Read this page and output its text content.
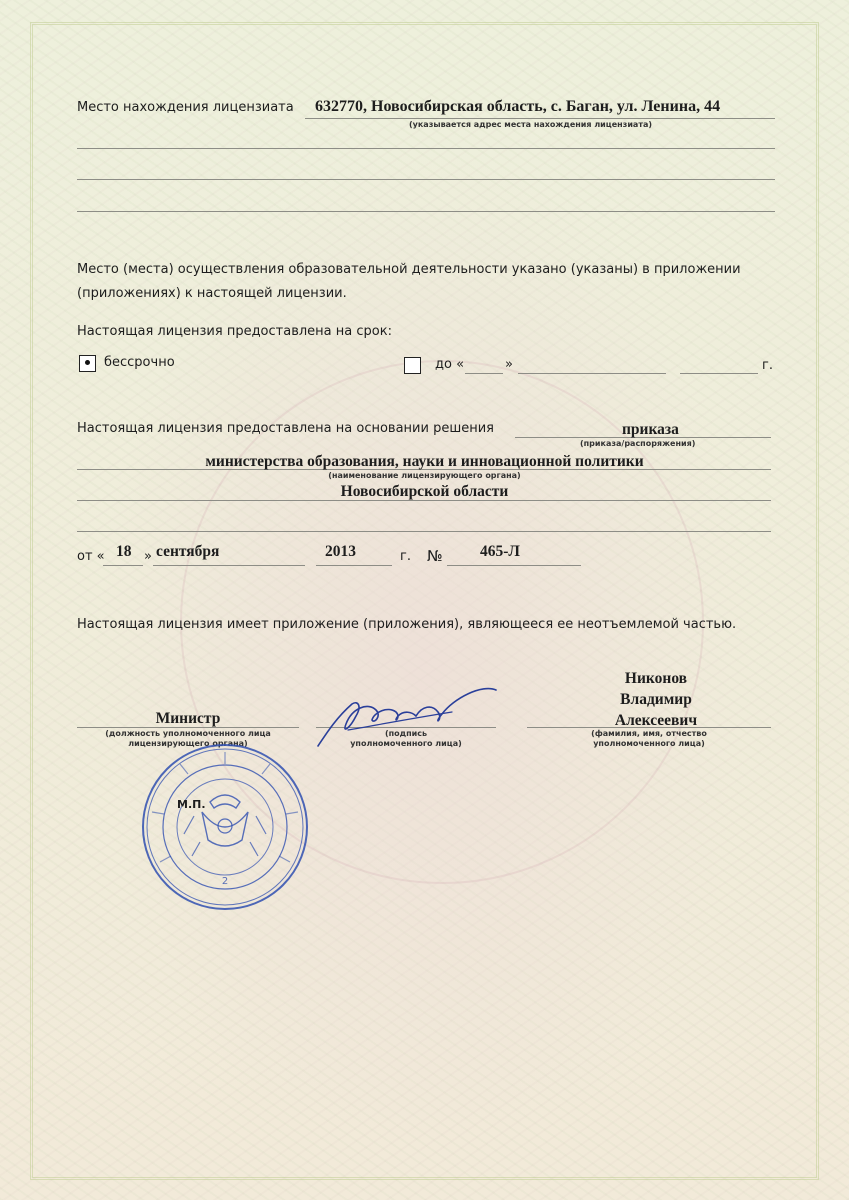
Место нахождения лицензиата 632770, Новосибирская область, с. Баган, ул. Ленина, 44
(указывается адрес места нахождения лицензиата)
Место (места) осуществления образовательной деятельности указано (указаны) в приложении
(приложениях) к настоящей лицензии.
Настоящая лицензия предоставлена на срок:
бессрочно	до «	»	г.
Настоящая лицензия предоставлена на основании решения	приказа
(приказа/распоряжения)
министерства образования, науки и инновационной политики
(наименование лицензирующего органа)
Новосибирской области
от « 18 » сентября	2013	г. № 465-Л
Настоящая лицензия имеет приложение (приложения), являющееся ее неотъемлемой частью.
Никонов
Владимир
Алексеевич
Министр
(должность уполномоченного лица
лицензирующего органа)
(подпись
уполномоченного лица)
(фамилия, имя, отчество
уполномоченного лица)
2
М.П.
